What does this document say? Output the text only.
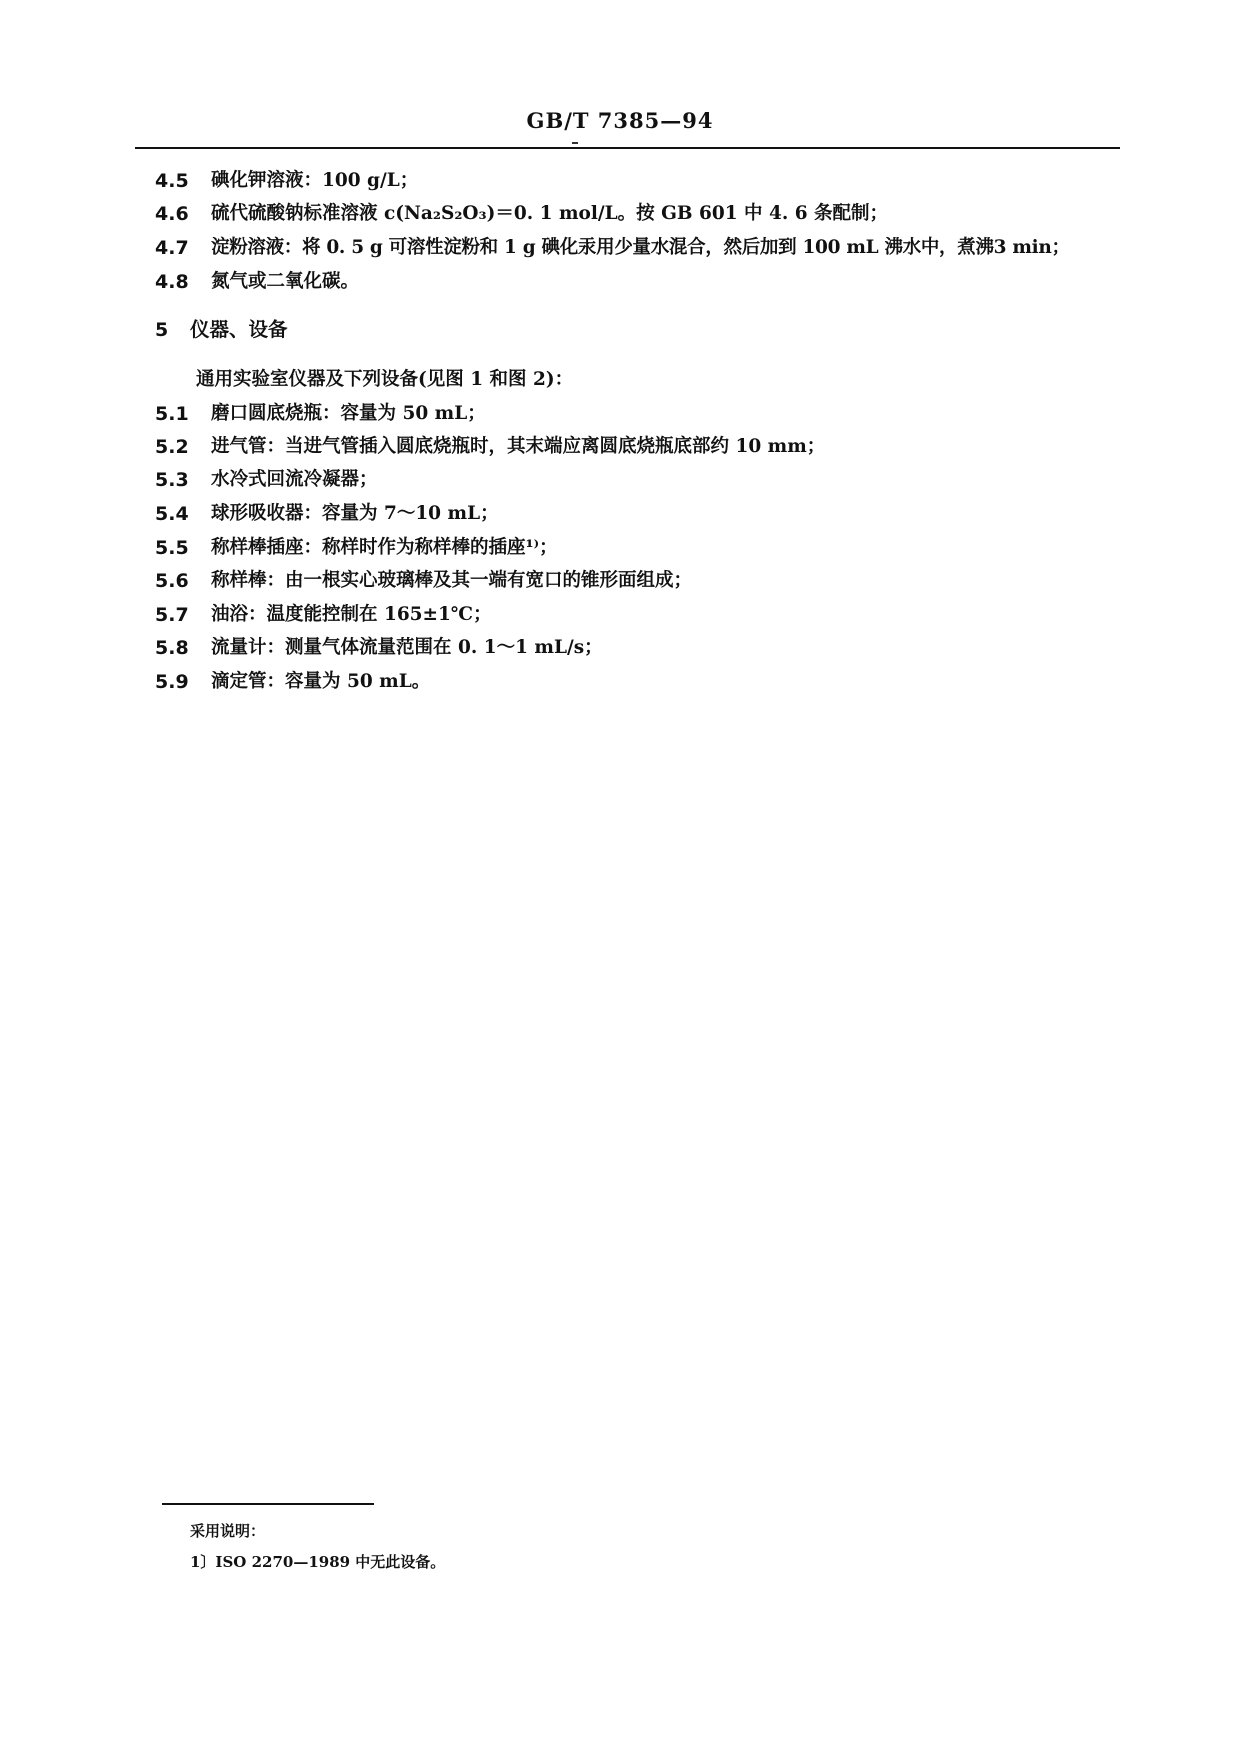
GB/T 7385—94
4.5 碘化钾溶液：100 g/L；
4.6 硫代硫酸钠标准溶液 c(Na₂S₂O₃)＝0. 1 mol/L。按 GB 601 中 4. 6 条配制；
4.7 淀粉溶液：将 0. 5 g 可溶性淀粉和 1 g 碘化汞用少量水混合，然后加到 100 mL 沸水中，煮沸3 min；
4.8 氮气或二氧化碳。
5 仪器、设备
通用实验室仪器及下列设备(见图 1 和图 2)：
5.1 磨口圆底烧瓶：容量为 50 mL；
5.2 进气管：当进气管插入圆底烧瓶时，其末端应离圆底烧瓶底部约 10 mm；
5.3 水冷式回流冷凝器；
5.4 球形吸收器：容量为 7～10 mL；
5.5 称样棒插座：称样时作为称样棒的插座¹⁾；
5.6 称样棒：由一根实心玻璃棒及其一端有宽口的锥形面组成；
5.7 油浴：温度能控制在 165±1℃；
5.8 流量计：测量气体流量范围在 0. 1～1 mL/s；
5.9 滴定管：容量为 50 mL。
采用说明：
1〕ISO 2270—1989 中无此设备。
